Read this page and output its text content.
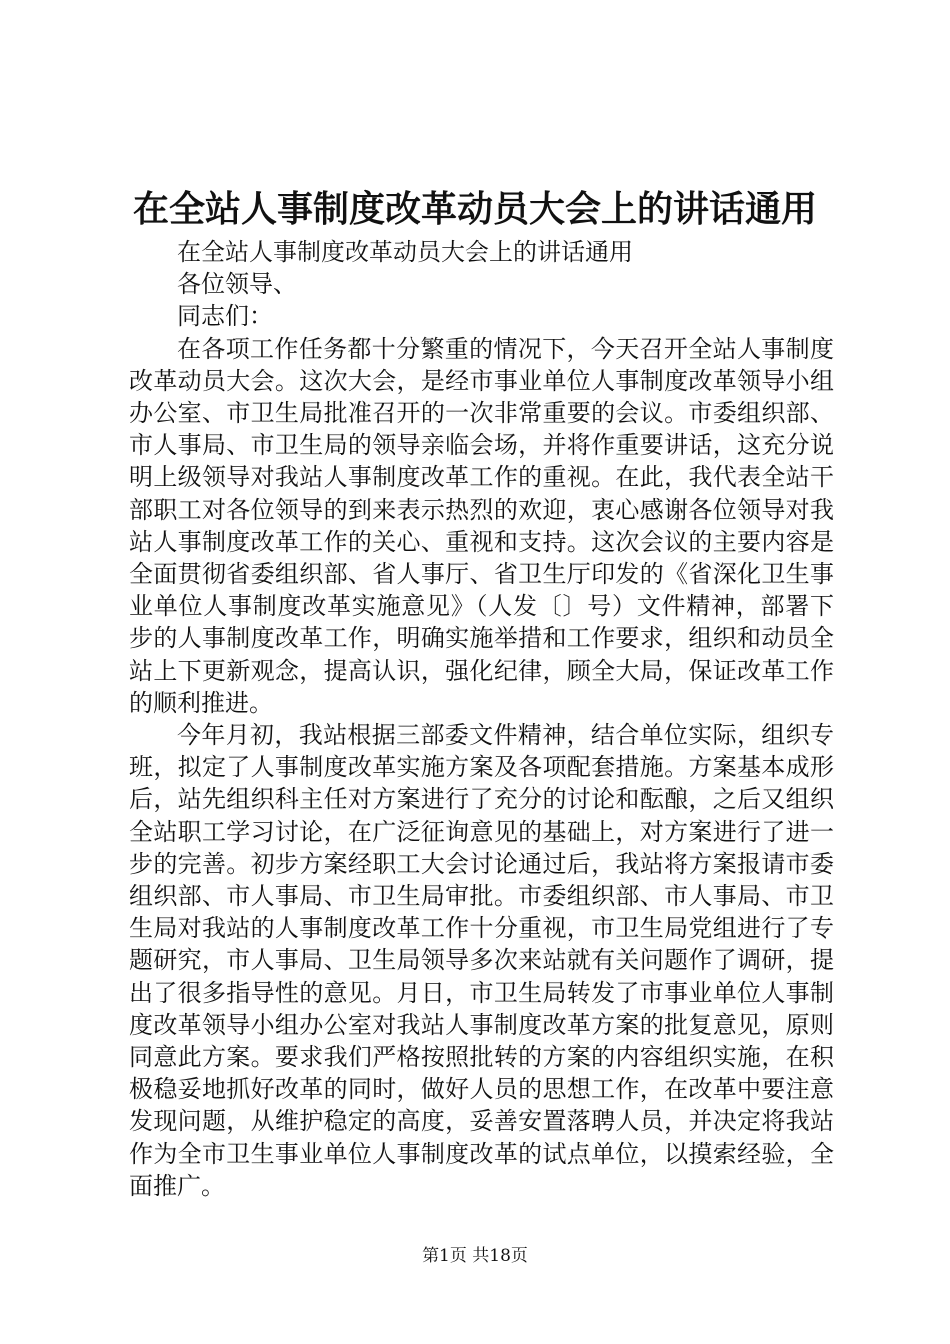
在全站人事制度改革动员大会上的讲话通用

在全站人事制度改革动员大会上的讲话通用

各位领导、

同志们：

在各项工作任务都十分繁重的情况下，今天召开全站人事制度改革动员大会。这次大会，是经市事业单位人事制度改革领导小组办公室、市卫生局批准召开的一次非常重要的会议。市委组织部、市人事局、市卫生局的领导亲临会场，并将作重要讲话，这充分说明上级领导对我站人事制度改革工作的重视。在此，我代表全站干部职工对各位领导的到来表示热烈的欢迎，衷心感谢各位领导对我站人事制度改革工作的关心、重视和支持。这次会议的主要内容是全面贯彻省委组织部、省人事厅、省卫生厅印发的《省深化卫生事业单位人事制度改革实施意见》（人发〔〕号）文件精神，部署下步的人事制度改革工作，明确实施举措和工作要求，组织和动员全站上下更新观念，提高认识，强化纪律，顾全大局，保证改革工作的顺利推进。

今年月初，我站根据三部委文件精神，结合单位实际，组织专班，拟定了人事制度改革实施方案及各项配套措施。方案基本成形后，站先组织科主任对方案进行了充分的讨论和酝酿，之后又组织全站职工学习讨论，在广泛征询意见的基础上，对方案进行了进一步的完善。初步方案经职工大会讨论通过后，我站将方案报请市委组织部、市人事局、市卫生局审批。市委组织部、市人事局、市卫生局对我站的人事制度改革工作十分重视，市卫生局党组进行了专题研究，市人事局、卫生局领导多次来站就有关问题作了调研，提出了很多指导性的意见。月日，市卫生局转发了市事业单位人事制度改革领导小组办公室对我站人事制度改革方案的批复意见，原则同意此方案。要求我们严格按照批转的方案的内容组织实施，在积极稳妥地抓好改革的同时，做好人员的思想工作，在改革中要注意发现问题，从维护稳定的高度，妥善安置落聘人员，并决定将我站作为全市卫生事业单位人事制度改革的试点单位，以摸索经验，全面推广。

第1页 共18页
